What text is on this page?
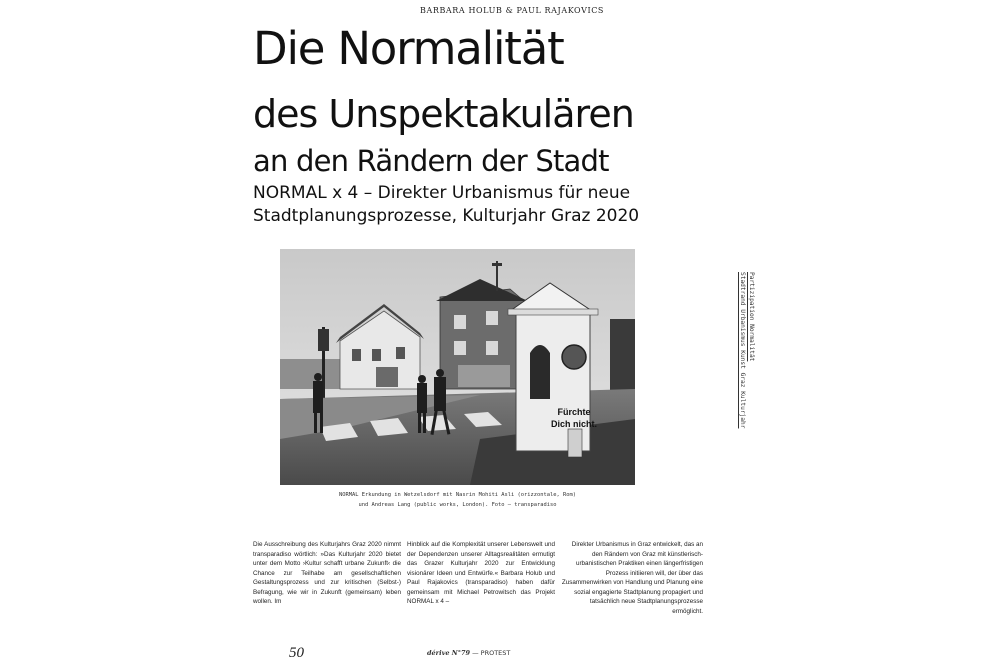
BARBARA HOLUB & PAUL RAJAKOVICS
Die Normalität
des Unspektakulären
an den Rändern der Stadt
NORMAL x 4 – Direkter Urbanismus für neue
Stadtplanungsprozesse, Kulturjahr Graz 2020
Fürchte
Dich nicht.
NORMAL Erkundung in Wetzelsdorf mit Nasrin Mohiti Asli (orizzontale, Rom)
und Andreas Lang (public works, London). Foto – transparadiso

Die Ausschreibung des Kulturjahrs Graz 2020 nimmt transparadiso wörtlich: »Das Kulturjahr 2020 bietet unter dem Motto ›Kultur schafft urbane Zukunft‹ die Chance zur Teilhabe am gesellschaftlichen Gestaltungsprozess und zur kritischen (Selbst-) Befragung, wie wir in Zukunft (gemeinsam) leben wollen. Im

Hinblick auf die Komplexität unserer Lebenswelt und der Dependenzen unserer Alltagsrealitäten ermutigt das Grazer Kulturjahr 2020 zur Entwicklung visionärer Ideen und Entwürfe.« Barbara Holub und Paul Rajakovics (transparadiso) haben dafür gemeinsam mit Michael Petrowitsch das Projekt NORMAL x 4 –

Direkter Urbanismus in Graz entwickelt, das an den Rändern von Graz mit künstlerisch-urbanistischen Praktiken einen längerfristigen Prozess initiieren will, der über das Zusammenwirken von Handlung und Planung eine sozial engagierte Stadtplanung propagiert und tatsächlich neue Stadtplanungsprozesse ermöglicht.

50	dérive N°79 — PROTEST
Stadtrand Urbanismus Kunst Graz Kulturjahr Partizipation Normalität
